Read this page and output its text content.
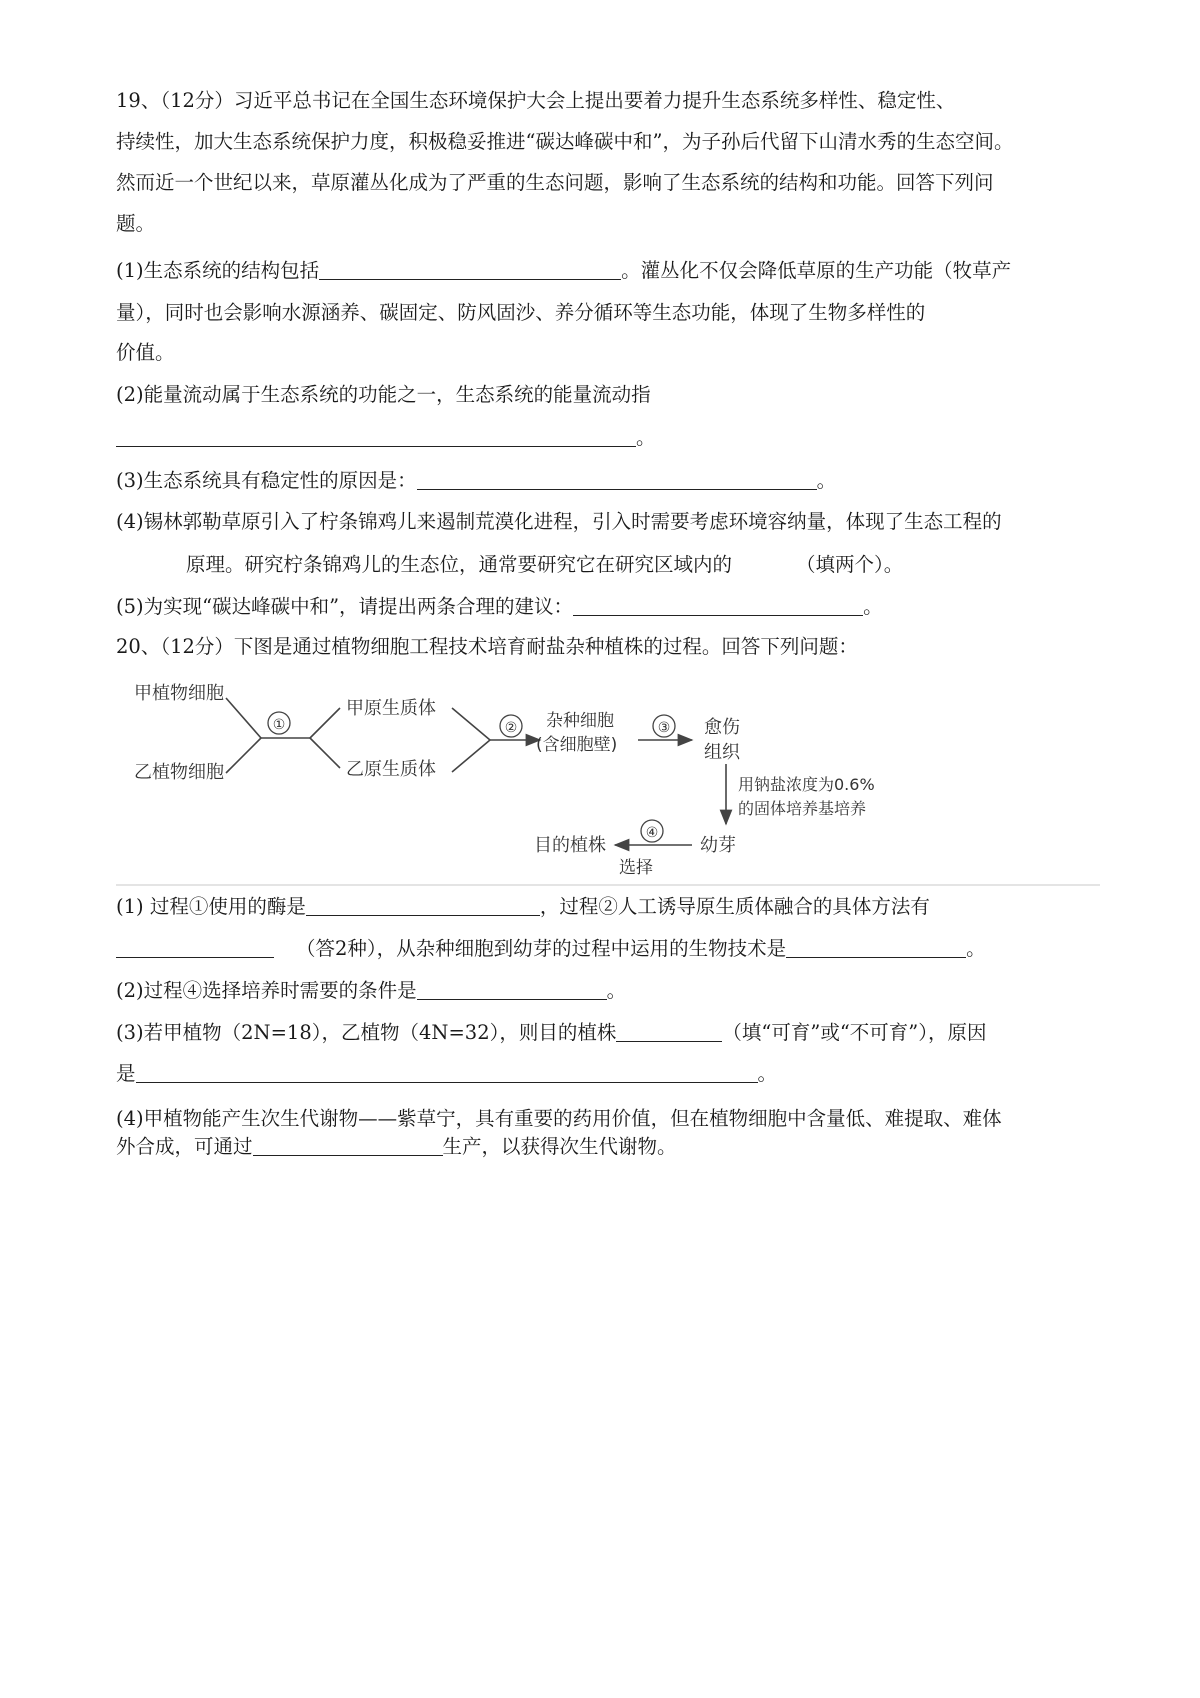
19、（12分）习近平总书记在全国生态环境保护大会上提出要着力提升生态系统多样性、稳定性、
持续性，加大生态系统保护力度，积极稳妥推进“碳达峰碳中和”，为子孙后代留下山清水秀的生态空间。
然而近一个世纪以来，草原灌丛化成为了严重的生态问题，影响了生态系统的结构和功能。回答下列问
题。
(1)生态系统的结构包括	。灌丛化不仅会降低草原的生产功能（牧草产
量），同时也会影响水源涵养、碳固定、防风固沙、养分循环等生态功能，体现了生物多样性的
价值。
(2)能量流动属于生态系统的功能之一，生态系统的能量流动指
。
(3)生态系统具有稳定性的原因是：	。
(4)锡林郭勒草原引入了柠条锦鸡儿来遏制荒漠化进程，引入时需要考虑环境容纳量，体现了生态工程的
原理。研究柠条锦鸡儿的生态位，通常要研究它在研究区域内的	（填两个）。
(5)为实现“碳达峰碳中和”，请提出两条合理的建议：	。
20、（12分）下图是通过植物细胞工程技术培育耐盐杂种植株的过程。回答下列问题：
甲植物细胞
乙植物细胞
①
甲原生质体
乙原生质体
② 杂种细胞
(含细胞壁)
③ 愈伤
组织
用钠盐浓度为0.6%
的固体培养基培养
幼芽
④
选择
目的植株
(1) 过程①使用的酶是	，过程②人工诱导原生质体融合的具体方法有
（答2种），从杂种细胞到幼芽的过程中运用的生物技术是	。
(2)过程④选择培养时需要的条件是	。
(3)若甲植物（2N=18），乙植物（4N=32），则目的植株	（填“可育”或“不可育”），原因
是	。
(4)甲植物能产生次生代谢物——紫草宁，具有重要的药用价值，但在植物细胞中含量低、难提取、难体
外合成，可通过	生产，以获得次生代谢物。
